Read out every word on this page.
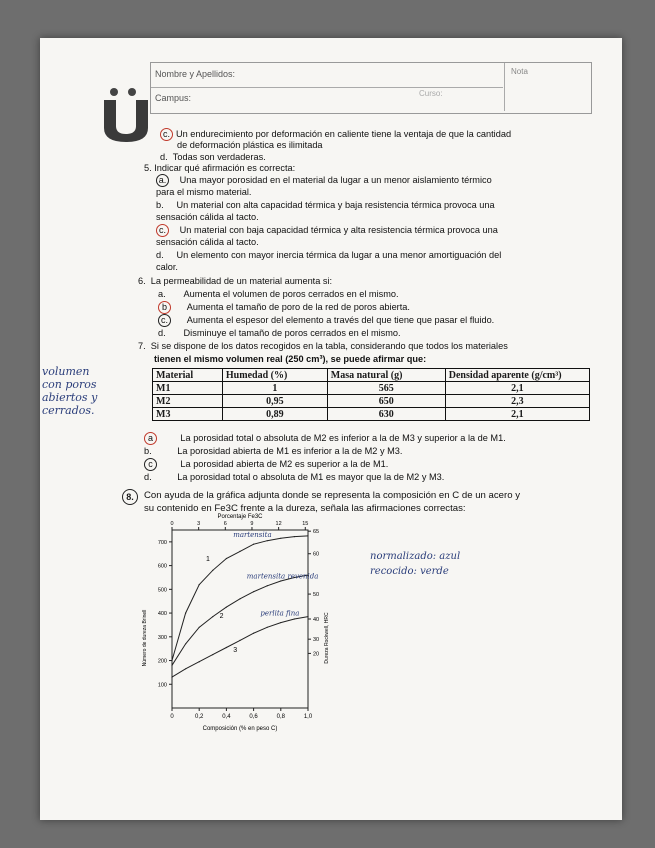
Nombre y Apellidos:
Campus:	Curso:
Nota
c. Un endurecimiento por deformación en caliente tiene la ventaja de que la cantidad
de deformación plástica es ilimitada
d. Todas son verdaderas.
5. Indicar qué afirmación es correcta:
a. Una mayor porosidad en el material da lugar a un menor aislamiento térmico
para el mismo material.
b. Un material con alta capacidad térmica y baja resistencia térmica provoca una
sensación cálida al tacto.
c. Un material con baja capacidad térmica y alta resistencia térmica provoca una
sensación cálida al tacto.
d. Un elemento con mayor inercia térmica da lugar a una menor amortiguación del
calor.
6. La permeabilidad de un material aumenta si:
a. Aumenta el volumen de poros cerrados en el mismo.
b Aumenta el tamaño de poro de la red de poros abierta.
c. Aumenta el espesor del elemento a través del que tiene que pasar el fluido.
d. Disminuye el tamaño de poros cerrados en el mismo.
7. Si se dispone de los datos recogidos en la tabla, considerando que todos los materiales
tienen el mismo volumen real (250 cm³), se puede afirmar que:
Material	Humedad (%)	Masa natural (g)	Densidad aparente (g/cm³)
M1	1	565	2,1
M2	0,95	650	2,3
M3	0,89	630	2,1
volumen
con poros
abiertos y
cerrados.
a	La porosidad total o absoluta de M2 es inferior a la de M3 y superior a la de M1.
b.	La porosidad abierta de M1 es inferior a la de M2 y M3.
c	La porosidad abierta de M2 es superior a la de M1.
d.	La porosidad total o absoluta de M1 es mayor que la de M2 y M3.
8.	Con ayuda de la gráfica adjunta donde se representa la composición en C de un acero y
su contenido en Fe3C frente a la dureza, señala las afirmaciones correctas:
normalizado: azul
recocido: verde
Porcentaje Fe3C
0	0,2	0,4	0,6	0,8	1,0
0	3	6	9	12	15
100
200
300
400
500
600
700
20
30
40
50
60
65
1
martensita
2
martensita revenida
3
perlita fina
Composición (% en peso C)
Número de dureza Brinell	Dureza Rockwell, HRC
